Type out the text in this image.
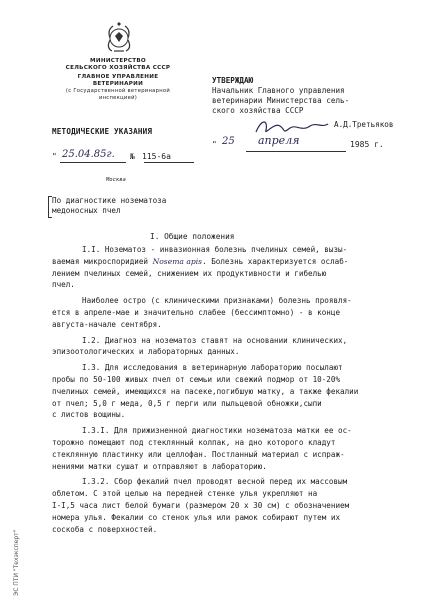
МИНИСТЕРСТВО
СЕЛЬСКОГО ХОЗЯЙСТВА СССР
ГЛАВНОЕ УПРАВЛЕНИЕ
ВЕТЕРИНАРИИ
(с Государственной ветеринарной
инспекцией)
МЕТОДИЧЕСКИЕ УКАЗАНИЯ
" 25.04.85г. № 115-6а
Москва
УТВЕРЖДАЮ
Начальник Главного управления
ветеринарии Министерства сель-
ского хозяйства СССР
А.Д.Третьяков
" 25 апреля	1985 г.
По диагностике нозематоза
медоносных пчел
I. Общие положения

I.I. Нозематоз - инвазионная болезнь пчелиных семей, вызы-
ваемая микроспоридией Nosema apis. Болезнь характеризуется ослаб-
лением пчелиных семей, снижением их продуктивности и гибелью
пчел.

Наиболее остро (с клиническими признаками) болезнь проявля-
ется в апреле-мае и значительно слабее (бессимптомно) - в конце
августа-начале сентября.

I.2. Диагноз на нозематоз ставят на основании клинических,
эпизоотологических и лабораторных данных.

I.3. Для исследования в ветеринарную лабораторию посылают
пробы по 50-100 живых пчел от семьи или свежий подмор от 10-20%
пчелиных семей, имеющихся на пасеке,погибшую матку, а также фекалии
от пчел; 5,0 г меда, 0,5 г перги или пыльцевой обножки,сыпи
с листов вощины.

I.3.I. Для прижизненной диагностики нозематоза матки ее ос-
торожно помещают под стеклянный колпак, на дно которого кладут
стеклянную пластинку или целлофан. Постланный материал с испраж-
нениями матки сушат и отправляют в лабораторию.

I.3.2. Сбор фекалий пчел проводят весной перед их массовым
облетом. С этой целью на передней стенке улья укрепляют на
I-I,5 часа лист белой бумаги (размером 20 х 30 см) с обозначением
номера улья. Фекалии со стенок улья или рамок собирают путем их
соскоба с поверхностей.

ЭС ПТИ "Техэксперт"
